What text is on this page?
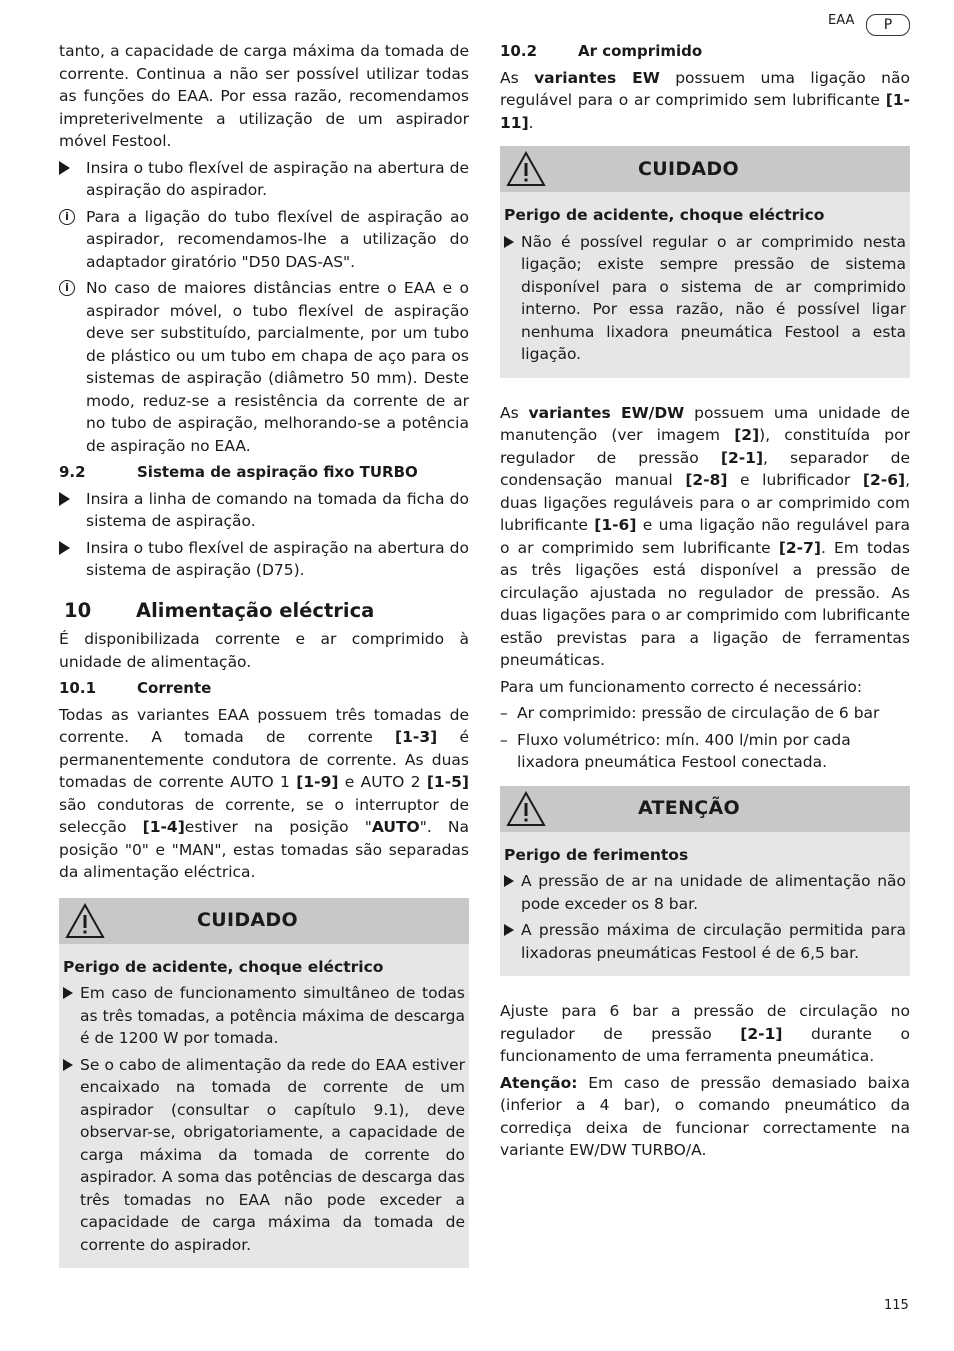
EAA	P

tanto, a capacidade de carga máxima da tomada de corrente. Continua a não ser possível utilizar todas as funções do EAA. Por essa razão, recomendamos impreterivelmente a utilização de um aspirador móvel Festool.

Insira o tubo flexível de aspiração na abertura de aspiração do aspirador.
i	Para a ligação do tubo flexível de aspiração ao aspirador, recomendamos-lhe a utilização do adaptador giratório "D50 DAS-AS".
i	No caso de maiores distâncias entre o EAA e o aspirador móvel, o tubo flexível de aspiração deve ser substituído, parcialmente, por um tubo de plástico ou um tubo em chapa de aço para os sistemas de aspiração (diâmetro 50 mm). Deste modo, reduz-se a resistência da corrente de ar no tubo de aspiração, melhorando-se a potência de aspiração no EAA.
9.2	Sistema de aspiração fixo TURBO
Insira a linha de comando na tomada da ficha do sistema de aspiração.
Insira o tubo flexível de aspiração na abertura do sistema de aspiração (D75).
10	Alimentação eléctrica

É disponibilizada corrente e ar comprimido à unidade de alimentação.

10.1	Corrente

Todas as variantes EAA possuem três tomadas de corrente. A tomada de corrente [1-3] é permanentemente condutora de corrente. As duas tomadas de corrente AUTO 1 [1-9] e AUTO 2 [1-5] são condutoras de corrente, se o interruptor de selecção [1-4]estiver na posição "AUTO". Na posição "0" e "MAN", estas tomadas são separadas da alimentação eléctrica.

CUIDADO
Perigo de acidente, choque eléctrico
Em caso de funcionamento simultâneo de todas as três tomadas, a potência máxima de descarga é de 1200 W por tomada.
Se o cabo de alimentação da rede do EAA estiver encaixado na tomada de corrente de um aspirador (consultar o capítulo 9.1), deve observar-se, obrigatoriamente, a capacidade de carga máxima da tomada de corrente do aspirador. A soma das potências de descarga das três tomadas no EAA não pode exceder a capacidade de carga máxima da tomada de corrente do aspirador.
10.2	Ar comprimido

As variantes EW possuem uma ligação não regulável para o ar comprimido sem lubrificante [1-11].

CUIDADO
Perigo de acidente, choque eléctrico
Não é possível regular o ar comprimido nesta ligação; existe sempre pressão de sistema disponível para o sistema de ar comprimido interno. Por essa razão, não é possível ligar nenhuma lixadora pneumática Festool a esta ligação.

As variantes EW/DW possuem uma unidade de manutenção (ver imagem [2]), constituída por regulador de pressão [2-1], separador de condensação manual [2-8] e lubrificador [2-6], duas ligações reguláveis para o ar comprimido com lubrificante [1-6] e uma ligação não regulável para o ar comprimido sem lubrificante [2-7]. Em todas as três ligações está disponível a pressão de circulação ajustada no regulador de pressão. As duas ligações para o ar comprimido com lubrificante estão previstas para a ligação de ferramentas pneumáticas.

Para um funcionamento correcto é necessário:

– Ar comprimido: pressão de circulação de 6 bar
– Fluxo volumétrico: mín. 400 l/min por cada lixadora pneumática Festool conectada.
ATENÇÃO
Perigo de ferimentos
A pressão de ar na unidade de alimentação não pode exceder os 8 bar.
A pressão máxima de circulação permitida para lixadoras pneumáticas Festool é de 6,5 bar.

Ajuste para 6 bar a pressão de circulação no regulador de pressão [2-1] durante o funcionamento de uma ferramenta pneumática.

Atenção: Em caso de pressão demasiado baixa (inferior a 4 bar), o comando pneumático da corrediça deixa de funcionar correctamente na variante EW/DW TURBO/A.

115
